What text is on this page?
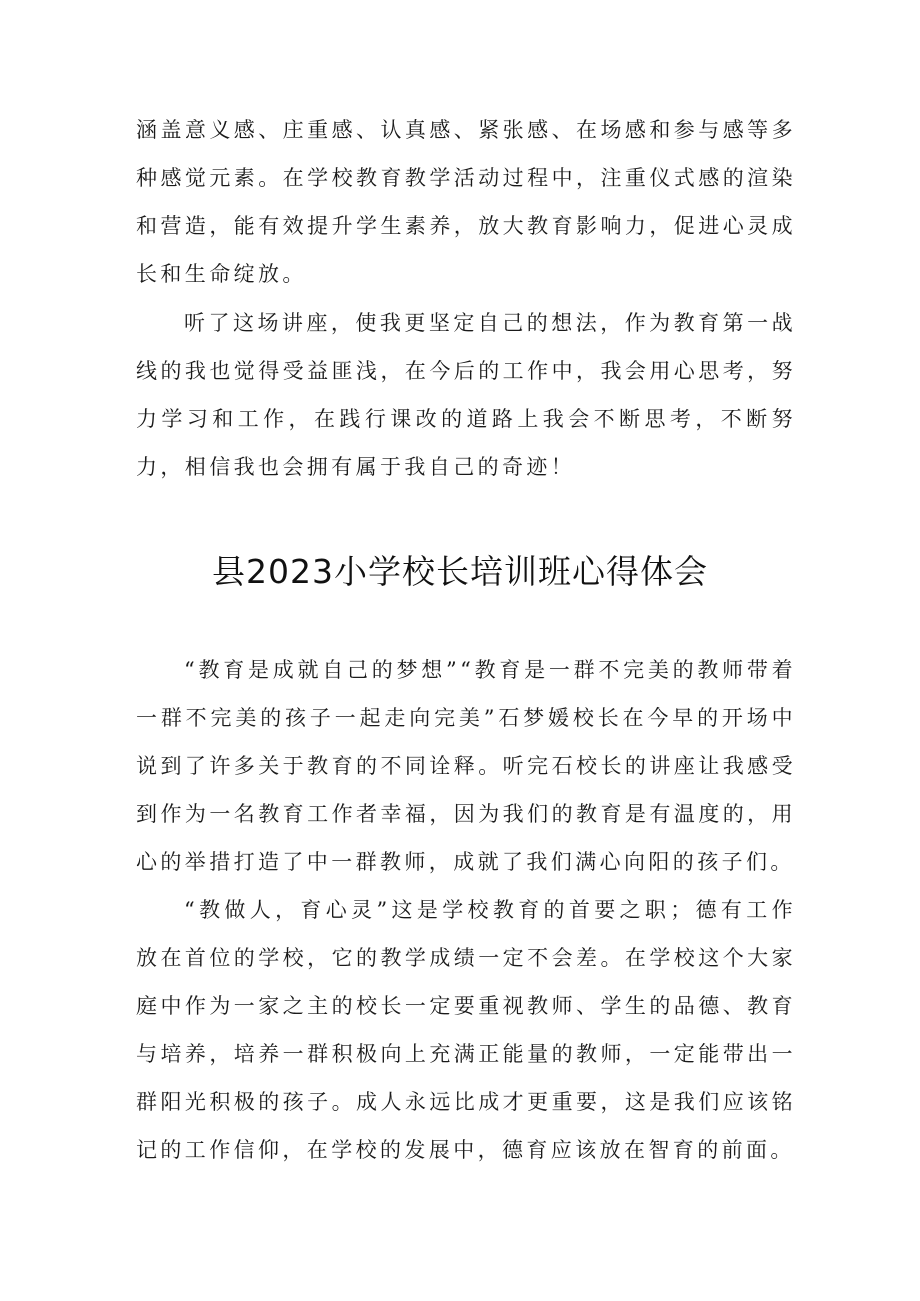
涵盖意义感、庄重感、认真感、紧张感、在场感和参与感等多种感觉元素。在学校教育教学活动过程中，注重仪式感的渲染和营造，能有效提升学生素养，放大教育影响力，促进心灵成长和生命绽放。

听了这场讲座，使我更坚定自己的想法，作为教育第一战线的我也觉得受益匪浅，在今后的工作中，我会用心思考，努力学习和工作，在践行课改的道路上我会不断思考，不断努力，相信我也会拥有属于我自己的奇迹！

县2023小学校长培训班心得体会

“教育是成就自己的梦想”“教育是一群不完美的教师带着一群不完美的孩子一起走向完美”石梦媛校长在今早的开场中说到了许多关于教育的不同诠释。听完石校长的讲座让我感受到作为一名教育工作者幸福，因为我们的教育是有温度的，用心的举措打造了中一群教师，成就了我们满心向阳的孩子们。

“教做人，育心灵”这是学校教育的首要之职；德有工作放在首位的学校，它的教学成绩一定不会差。在学校这个大家庭中作为一家之主的校长一定要重视教师、学生的品德、教育与培养，培养一群积极向上充满正能量的教师，一定能带出一群阳光积极的孩子。成人永远比成才更重要，这是我们应该铭记的工作信仰，在学校的发展中，德育应该放在智育的前面。
